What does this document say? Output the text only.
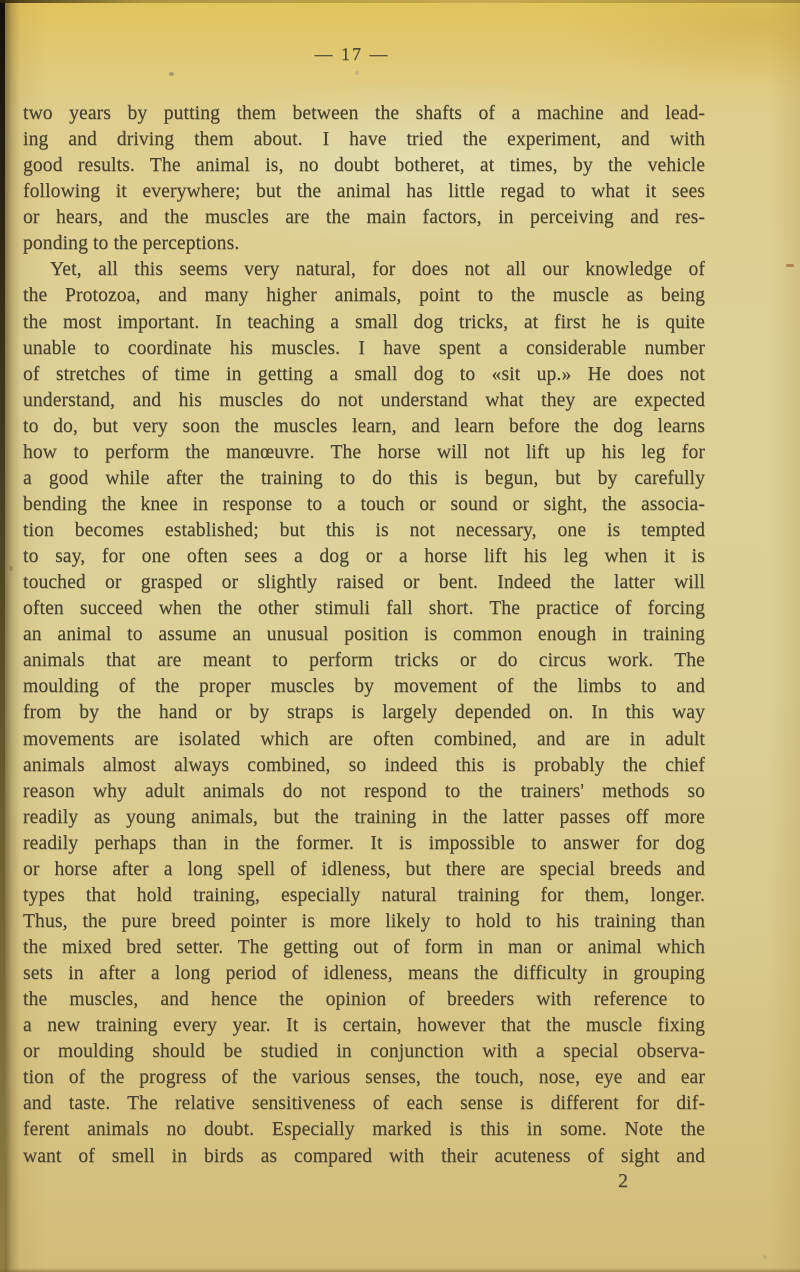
— 17 —
two years by putting them between the shafts of a machine and lead-
ing and driving them about. I have tried the experiment, and with
good results. The animal is, no doubt botheret, at times, by the vehicle
following it everywhere; but the animal has little regad to what it sees
or hears, and the muscles are the main factors, in perceiving and res-
ponding to the perceptions.
Yet, all this seems very natural, for does not all our knowledge of
the Protozoa, and many higher animals, point to the muscle as being
the most important. In teaching a small dog tricks, at first he is quite
unable to coordinate his muscles. I have spent a considerable number
of stretches of time in getting a small dog to «sit up.» He does not
understand, and his muscles do not understand what they are expected
to do, but very soon the muscles learn, and learn before the dog learns
how to perform the manœuvre. The horse will not lift up his leg for
a good while after the training to do this is begun, but by carefully
bending the knee in response to a touch or sound or sight, the associa-
tion becomes established; but this is not necessary, one is tempted
to say, for one often sees a dog or a horse lift his leg when it is
touched or grasped or slightly raised or bent. Indeed the latter will
often succeed when the other stimuli fall short. The practice of forcing
an animal to assume an unusual position is common enough in training
animals that are meant to perform tricks or do circus work. The
moulding of the proper muscles by movement of the limbs to and
from by the hand or by straps is largely depended on. In this way
movements are isolated which are often combined, and are in adult
animals almost always combined, so indeed this is probably the chief
reason why adult animals do not respond to the trainers' methods so
readily as young animals, but the training in the latter passes off more
readily perhaps than in the former. It is impossible to answer for dog
or horse after a long spell of idleness, but there are special breeds and
types that hold training, especially natural training for them, longer.
Thus, the pure breed pointer is more likely to hold to his training than
the mixed bred setter. The getting out of form in man or animal which
sets in after a long period of idleness, means the difficulty in grouping
the muscles, and hence the opinion of breeders with reference to
a new training every year. It is certain, however that the muscle fixing
or moulding should be studied in conjunction with a special observa-
tion of the progress of the various senses, the touch, nose, eye and ear
and taste. The relative sensitiveness of each sense is different for dif-
ferent animals no doubt. Especially marked is this in some. Note the
want of smell in birds as compared with their acuteness of sight and
2
